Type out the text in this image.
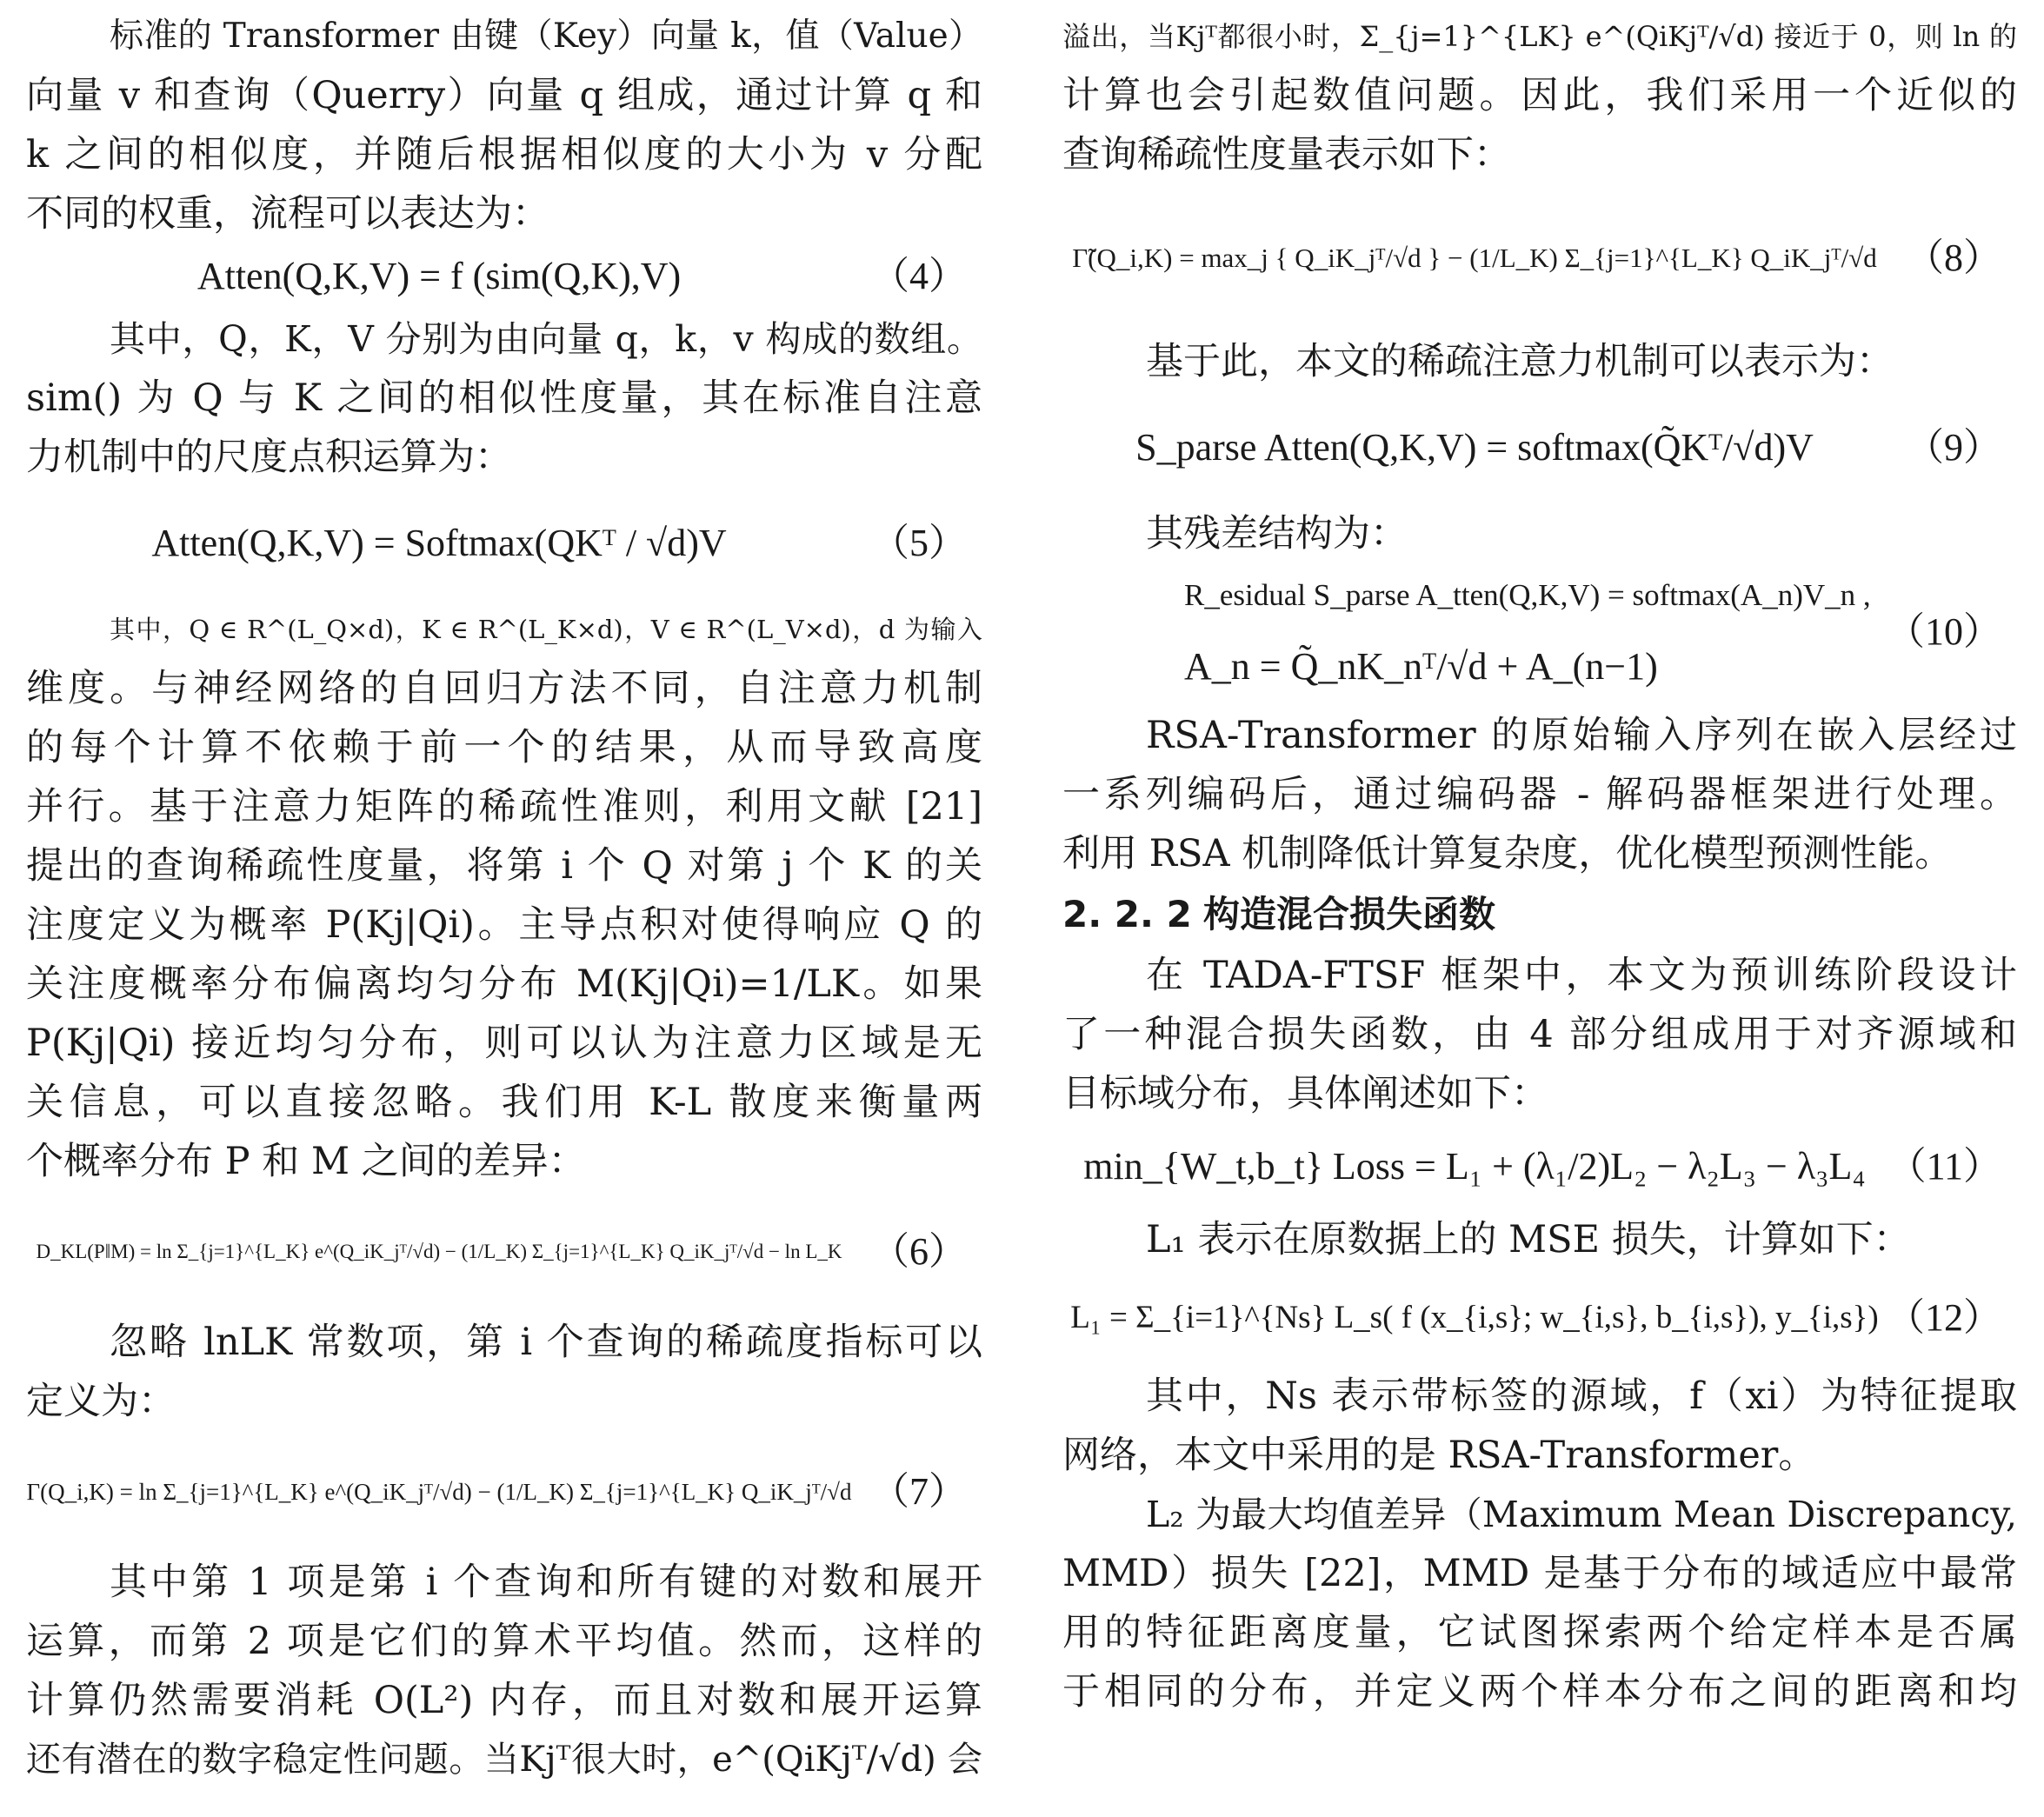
标准的 Transformer 由键（Key）向量 k，值（Value）
向量 v 和查询（Querry）向量 q 组成，通过计算 q 和
k 之间的相似度，并随后根据相似度的大小为 v 分配
不同的权重，流程可以表达为：
Atten(Q,K,V) = f (sim(Q,K),V)	（4）
其中，Q，K，V 分别为由向量 q，k，v 构成的数组。
sim() 为 Q 与 K 之间的相似性度量，其在标准自注意
力机制中的尺度点积运算为：
Atten(Q,K,V) = Softmax(QKᵀ / √d)V	（5）
其中，Q ∈ R^(L_Q×d)，K ∈ R^(L_K×d)，V ∈ R^(L_V×d)，d 为输入
维度。与神经网络的自回归方法不同，自注意力机制
的每个计算不依赖于前一个的结果，从而导致高度
并行。基于注意力矩阵的稀疏性准则，利用文献 [21]
提出的查询稀疏性度量，将第 i 个 Q 对第 j 个 K 的关
注度定义为概率 P(Kj|Qi)。主导点积对使得响应 Q 的
关注度概率分布偏离均匀分布 M(Kj|Qi)=1/LK。如果
P(Kj|Qi) 接近均匀分布，则可以认为注意力区域是无
关信息，可以直接忽略。我们用 K-L 散度来衡量两
个概率分布 P 和 M 之间的差异：
D_KL(P‖M) = ln Σ_{j=1}^{L_K} e^(Q_iK_jᵀ/√d) − (1/L_K) Σ_{j=1}^{L_K} Q_iK_jᵀ/√d − ln L_K （6）
忽略 lnLK 常数项，第 i 个查询的稀疏度指标可以
定义为：
Γ(Q_i,K) = ln Σ_{j=1}^{L_K} e^(Q_iK_jᵀ/√d) − (1/L_K) Σ_{j=1}^{L_K} Q_iK_jᵀ/√d （7）
其中第 1 项是第 i 个查询和所有键的对数和展开
运算，而第 2 项是它们的算术平均值。然而，这样的
计算仍然需要消耗 O(L²) 内存，而且对数和展开运算
还有潜在的数字稳定性问题。当Kjᵀ很大时，e^(QiKjᵀ/√d) 会
溢出，当Kjᵀ都很小时，Σ_{j=1}^{LK} e^(QiKjᵀ/√d) 接近于 0，则 ln 的
计算也会引起数值问题。因此，我们采用一个近似的
查询稀疏性度量表示如下：
Γ̃(Q_i,K) = max_j { Q_iK_jᵀ/√d } − (1/L_K) Σ_{j=1}^{L_K} Q_iK_jᵀ/√d （8）
基于此，本文的稀疏注意力机制可以表示为：
S_parse Atten(Q,K,V) = softmax(Q̃Kᵀ/√d)V	（9）
其残差结构为：
R_esidual S_parse A_tten(Q,K,V) = softmax(A_n)V_n ,
A_n = Q̃_nK_nᵀ/√d + A_(n−1)
（10）
RSA-Transformer 的原始输入序列在嵌入层经过
一系列编码后，通过编码器 - 解码器框架进行处理。
利用 RSA 机制降低计算复杂度，优化模型预测性能。
2. 2. 2 构造混合损失函数
在 TADA-FTSF 框架中，本文为预训练阶段设计
了一种混合损失函数，由 4 部分组成用于对齐源域和
目标域分布，具体阐述如下：
min_{W_t,b_t} Loss = L₁ + (λ₁/2)L₂ − λ₂L₃ − λ₃L₄ （11）
L₁ 表示在原数据上的 MSE 损失，计算如下：
L₁ = Σ_{i=1}^{Ns} L_s( f (x_{i,s}; w_{i,s}, b_{i,s}), y_{i,s}) （12）
其中，Ns 表示带标签的源域，f（xi）为特征提取
网络，本文中采用的是 RSA-Transformer。
L₂ 为最大均值差异（Maximum Mean Discrepancy,
MMD）损失 [22]，MMD 是基于分布的域适应中最常
用的特征距离度量，它试图探索两个给定样本是否属
于相同的分布，并定义两个样本分布之间的距离和均
